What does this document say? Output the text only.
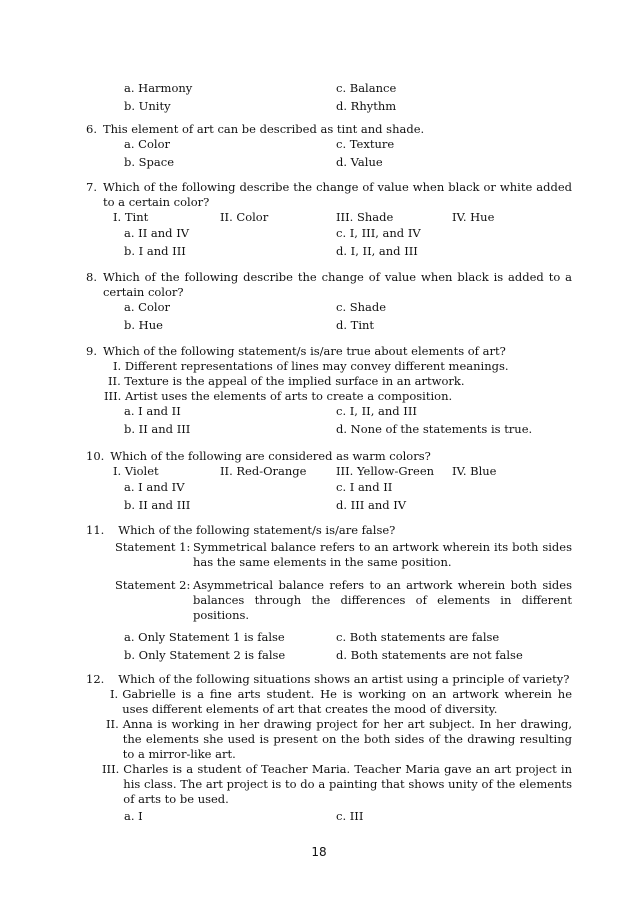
a. Harmony	c. Balance
b. Unity	d. Rhythm
6. This element of art can be described as tint and shade.
a. Color	c. Texture
b. Space	d. Value
7. Which of the following describe the change of value when black or white added to a certain color?
I. Tint	II. Color	III. Shade	IV. Hue
a. II and IV	c. I, III, and IV
b. I and III	d. I, II, and III
8. Which of the following describe the change of value when black is added to a certain color?
a. Color	c. Shade
b. Hue	d. Tint
9. Which of the following statement/s is/are true about elements of art?
I. Different representations of lines may convey different meanings.
II. Texture is the appeal of the implied surface in an artwork.
III. Artist uses the elements of arts to create a composition.
a. I and II	c. I, II, and III
b. II and III	d. None of the statements is true.
10. Which of the following are considered as warm colors?
I. Violet	II. Red-Orange	III. Yellow-Green IV. Blue
a. I and IV	c. I and II
b. II and III	d. III and IV
11. Which of the following statement/s is/are false?
Statement 1: Symmetrical balance refers to an artwork wherein its both sides has the same elements in the same position.
Statement 2: Asymmetrical balance refers to an artwork wherein both sides balances through the differences of elements in different positions.
a. Only Statement 1 is false	c. Both statements are false
b. Only Statement 2 is false	d. Both statements are not false
12. Which of the following situations shows an artist using a principle of variety?
I. Gabrielle is a fine arts student. He is working on an artwork wherein he uses different elements of art that creates the mood of diversity.
II. Anna is working in her drawing project for her art subject. In her drawing, the elements she used is present on the both sides of the drawing resulting to a mirror-like art.
III. Charles is a student of Teacher Maria. Teacher Maria gave an art project in his class. The art project is to do a painting that shows unity of the elements of arts to be used.
a. I	c. III
18
